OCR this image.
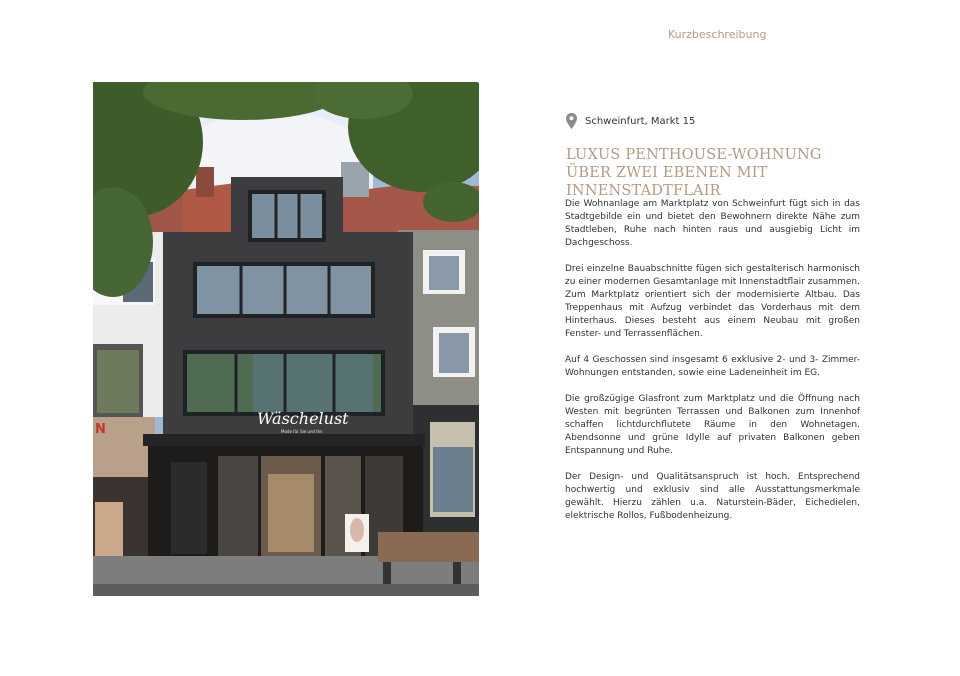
Kurzbeschreibung
Wäschelust
Mode für Sie und Ihn
N
Schweinfurt, Markt 15
LUXUS PENTHOUSE-WOHNUNG ÜBER ZWEI EBENEN MIT INNENSTADTFLAIR

Die Wohnanlage am Marktplatz von Schweinfurt fügt sich in das Stadtgebilde ein und bietet den Bewohnern direkte Nähe zum Stadtleben, Ruhe nach hinten raus und ausgiebig Licht im Dachgeschoss.

Drei einzelne Bauabschnitte fügen sich gestalterisch harmonisch zu einer modernen Gesamtanlage mit Innenstadtflair zusammen. Zum Marktplatz orientiert sich der modernisierte Altbau. Das Treppenhaus mit Aufzug verbindet das Vorderhaus mit dem Hinterhaus. Dieses besteht aus einem Neubau mit großen Fenster- und Terrassenflächen.

Auf 4 Geschossen sind insgesamt 6 exklusive 2- und 3- Zimmer-Wohnungen entstanden, sowie eine Ladeneinheit im EG.

Die großzügige Glasfront zum Marktplatz und die Öffnung nach Westen mit begrünten Terrassen und Balkonen zum Innenhof schaffen lichtdurchflutete Räume in den Wohnetagen. Abendsonne und grüne Idylle auf privaten Balkonen geben Entspannung und Ruhe.

Der Design- und Qualitätsanspruch ist hoch. Entsprechend hochwertig und exklusiv sind alle Ausstattungsmerkmale gewählt. Hierzu zählen u.a. Naturstein-Bäder, Eichedielen, elektrische Rollos, Fußbodenheizung.
